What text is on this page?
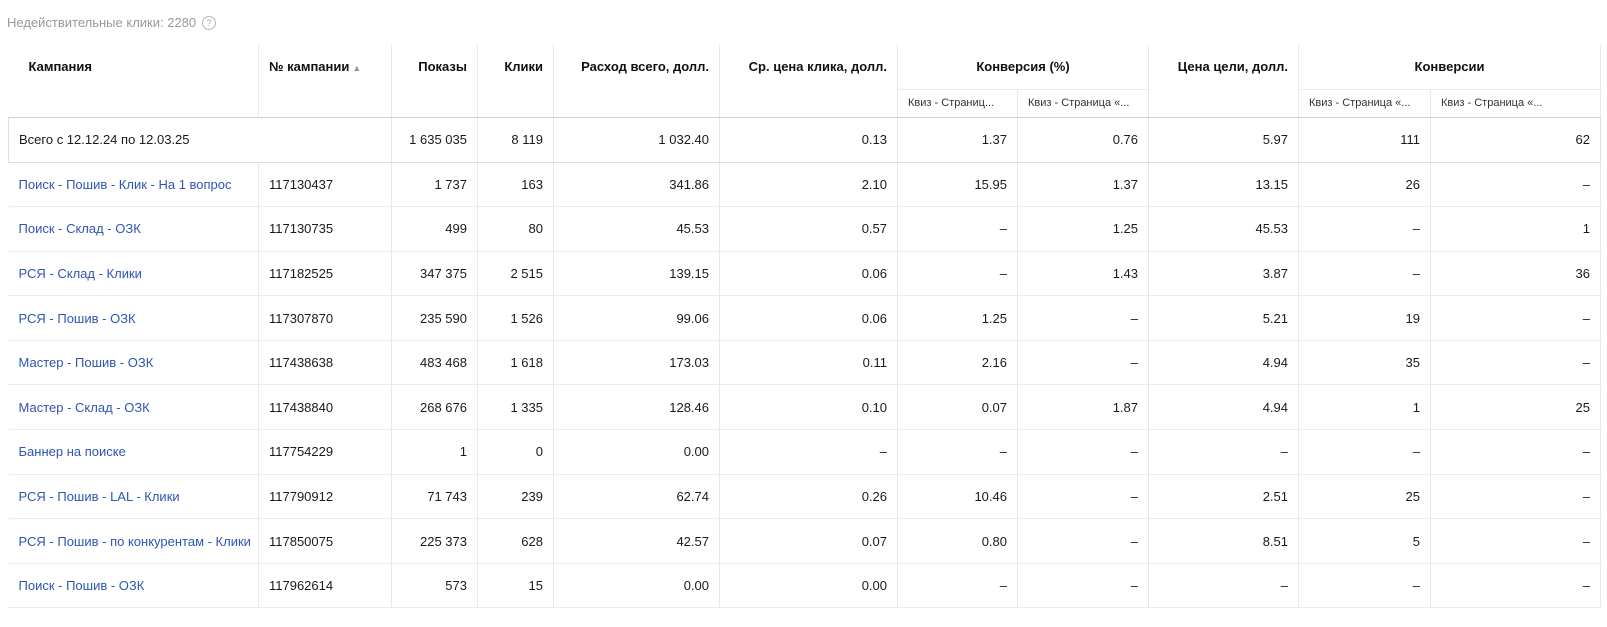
Недействительные клики: 2280	?
Всего с 12.12.24 по 12.03.25		1 635 035	8 119	1 032.40	0.13	1.37	0.76	5.97	111	62
Кампания	№ кампании ▲	Показы	Клики	Расход всего, долл.	Ср. цена клика, долл.	Конверсия (%)		Цена цели, долл.	Конверсии	
						Квиз - Страниц...	Квиз - Страница «...		Квиз - Страница «...	Квиз - Страница «...
Поиск - Пошив - Клик - На 1 вопрос	117130437	1 737	163	341.86	2.10	15.95	1.37	13.15	26	–
Поиск - Склад - ОЗК	117130735	499	80	45.53	0.57	–	1.25	45.53	–	1
РСЯ - Склад - Клики	117182525	347 375	2 515	139.15	0.06	–	1.43	3.87	–	36
РСЯ - Пошив - ОЗК	117307870	235 590	1 526	99.06	0.06	1.25	–	5.21	19	–
Мастер - Пошив - ОЗК	117438638	483 468	1 618	173.03	0.11	2.16	–	4.94	35	–
Мастер - Склад - ОЗК	117438840	268 676	1 335	128.46	0.10	0.07	1.87	4.94	1	25
Баннер на поиске	117754229	1	0	0.00	–	–	–	–	–	–
РСЯ - Пошив - LAL - Клики	117790912	71 743	239	62.74	0.26	10.46	–	2.51	25	–
РСЯ - Пошив - по конкурентам - Клики	117850075	225 373	628	42.57	0.07	0.80	–	8.51	5	–
Поиск - Пошив - ОЗК	117962614	573	15	0.00	0.00	–	–	–	–	–
